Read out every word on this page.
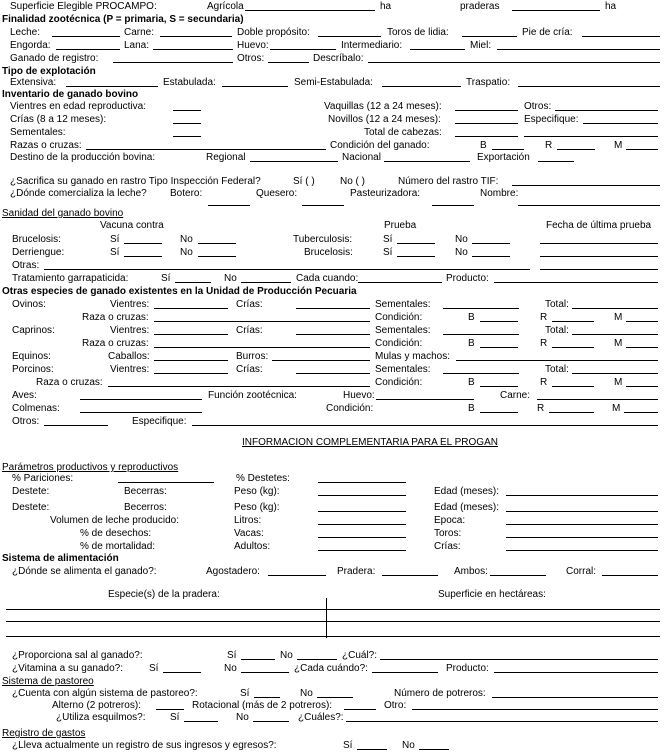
Superficie Elegible PROCAMPO:	Agrícola	ha	praderas	ha
Finalidad zootécnica (P = primaria, S = secundaria)
Leche:	Carne:	Doble propósito:	Toros de lidia:	Pie de cría:
Engorda:	Lana:	Huevo:	Intermediario:	Miel:
Ganado de registro:	Otros:	Descríbalo:
Tipo de explotación
Extensiva:	Estabulada:	Semi-Estabulada:	Traspatio:
Inventario de ganado bovino
Vientres en edad reproductiva:	Vaquillas (12 a 24 meses):	Otros:
Crías (8 a 12 meses):	Novillos (12 a 24 meses):	Especifique:
Sementales:	Total de cabezas:
Razas o cruzas:	Condición del ganado:	B	R	M
Destino de la producción bovina:	Regional	Nacional	Exportación
¿Sacrifica su ganado en rastro Tipo Inspección Federal?	Sí ( )	No ( )	Número del rastro TIF:
¿Dónde comercializa la leche? Botero:	Quesero:	Pasteurizadora:	Nombre:
Sanidad del ganado bovino
Vacuna contra	Prueba	Fecha de última prueba
Brucelosis:	Sí	No	Tuberculosis:	Sí	No
Derriengue:	Sí	No	Brucelosis:	Sí	No
Otras:
Tratamiento garrapaticida:	Sí	No	Cada cuando:	Producto:
Otras especies de ganado existentes en la Unidad de Producción Pecuaria
Ovinos:	Vientres:	Crías:	Sementales:	Total:
Raza o cruzas:	Condición:	B	R	M
Caprinos:	Vientres:	Crías:	Sementales:	Total:
Raza o cruzas:	Condición:	B	R	M
Equinos:	Caballos:	Burros:	Mulas y machos:
Porcinos:	Vientres:	Crías:	Sementales:	Total:
Raza o cruzas:	Condición:	B	R	M
Aves:	Función zootécnica:	Huevo:	Carne:
Colmenas:	Condición:	B	R	M
Otros:	Especifique:
INFORMACION COMPLEMENTARIA PARA EL PROGAN
Parámetros productivos y reproductivos
% Pariciones:	% Destetes:
Destete:	Becerras:	Peso (kg):	Edad (meses):
Destete:	Becerros:	Peso (kg):	Edad (meses):
Volumen de leche producido:	Litros:	Epoca:
% de desechos:	Vacas:	Toros:
% de mortalidad:	Adultos:	Crías:
Sistema de alimentación
¿Dónde se alimenta el ganado?:	Agostadero:	Pradera:	Ambos:	Corral:
Especie(s) de la pradera:	Superficie en hectáreas:
¿Proporciona sal al ganado?:	Sí	No	¿Cuál?:
¿Vitamina a su ganado?:	Sí	No	¿Cada cuándo?:	Producto:
Sistema de pastoreo
¿Cuenta con algún sistema de pastoreo?:	Sí	No	Número de potreros:
Alterno (2 potreros):	Rotacional (más de 2 potreros):	Otro:
¿Utiliza esquilmos?: Sí	No	¿Cuáles?:
Registro de gastos
¿Lleva actualmente un registro de sus ingresos y egresos?:	Sí	No
